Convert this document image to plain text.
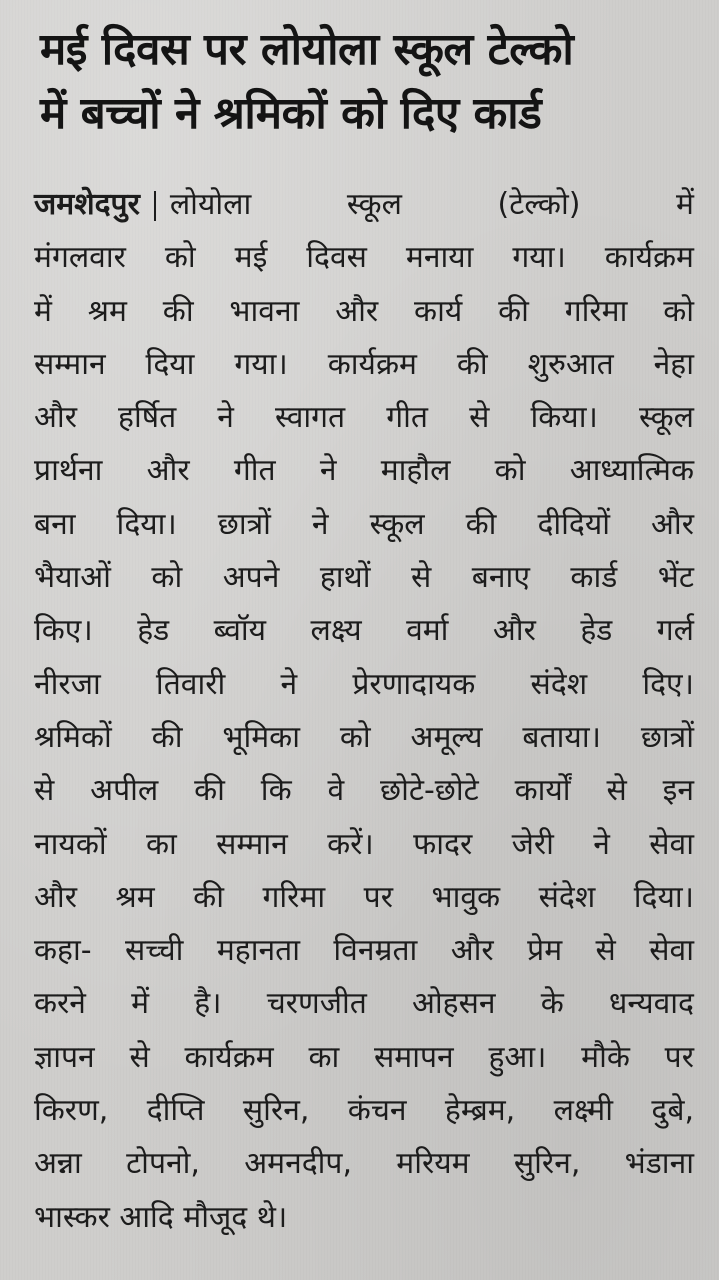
मई दिवस पर लोयोला स्कूल टेल्को
में बच्चों ने श्रमिकों को दिए कार्ड
जमशेदपुर लोयोला स्कूल (टेल्को) में
मंगलवार को मई दिवस मनाया गया। कार्यक्रम
में श्रम की भावना और कार्य की गरिमा को
सम्मान दिया गया। कार्यक्रम की शुरुआत नेहा
और हर्षित ने स्वागत गीत से किया। स्कूल
प्रार्थना और गीत ने माहौल को आध्यात्मिक
बना दिया। छात्रों ने स्कूल की दीदियों और
भैयाओं को अपने हाथों से बनाए कार्ड भेंट
किए। हेड ब्वॉय लक्ष्य वर्मा और हेड गर्ल
नीरजा तिवारी ने प्रेरणादायक संदेश दिए।
श्रमिकों की भूमिका को अमूल्य बताया। छात्रों
से अपील की कि वे छोटे-छोटे कार्यों से इन
नायकों का सम्मान करें। फादर जेरी ने सेवा
और श्रम की गरिमा पर भावुक संदेश दिया।
कहा- सच्ची महानता विनम्रता और प्रेम से सेवा
करने में है। चरणजीत ओहसन के धन्यवाद
ज्ञापन से कार्यक्रम का समापन हुआ। मौके पर
किरण, दीप्ति सुरिन, कंचन हेम्ब्रम, लक्ष्मी दुबे,
अन्ना टोपनो, अमनदीप, मरियम सुरिन, भंडाना
भास्कर आदि मौजूद थे।
